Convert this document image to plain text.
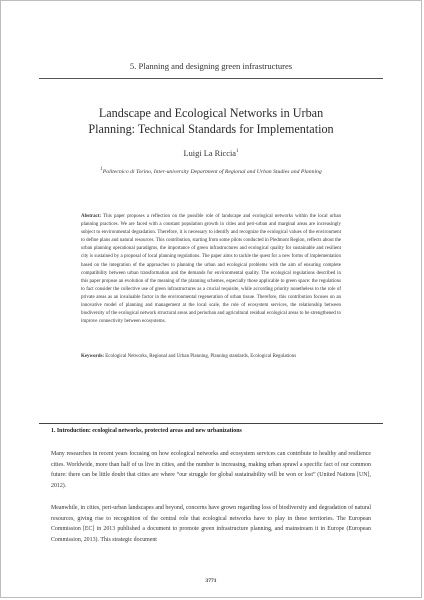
5. Planning and designing green infrastructures
Landscape and Ecological Networks in Urban
Planning: Technical Standards for Implementation
Luigi La Riccia$^1$
$^1$Politecnico di Torino, Inter-university Department of Regional and Urban Studies and Planning
Abstract: This paper proposes a reflection on the possible role of landscape and ecological networks within the local urban planning practices. We are faced with a constant population growth in cities and peri-urban and marginal areas are increasingly subject to environmental degradation. Therefore, it is necessary to identify and recognize the ecological values of the environment to define plans and natural resources. This contribution, starting from some pilots conducted in Piedmont Region, reflects about the urban planning operational paradigms, the importance of green infrastructures and ecological quality for sustainable and resilient city is sustained by a proposal of local planning regulations. The paper aims to tackle the quest for a new forms of implementation based on the integration of the approaches to planning the urban and ecological problems with the aim of ensuring complete compatibility between urban transformation and the demands for environmental quality. The ecological regulations described in this paper propose an evolution of the meaning of the planning schemes, especially those applicable to green space: the regulations to fact consider the collective use of green infrastructures as a crucial requisite, while according priority nonetheless to the role of private areas as an invaluable factor in the environmental regeneration of urban tissue. Therefore, this contribution focuses on an innovative model of planning and management at the local scale, the role of ecosystem services, the relationship between biodiversity of the ecological network structural areas and periurban and agricultural residual ecological areas to be strengthened to improve connectivity between ecosystems.
Keywords: Ecological Networks, Regional and Urban Planning, Planning standards, Ecological Regulations
1. Introduction: ecological networks, protected areas and new urbanizations
Many researches in recent years focusing on how ecological networks and ecosystem services can contribute to healthy and resilience cities. Worldwide, more than half of us live in cities, and the number is increasing, making urban sprawl a specific fact of our common future: there can be little doubt that cities are where “our struggle for global sustainability will be won or lost” (United Nations [UN], 2012).
Meanwhile, in cities, peri-urban landscapes and beyond, concerns have grown regarding loss of biodiversity and degradation of natural resources, giving rise to recognition of the central role that ecological networks have to play in these territories. The European Commission [EC] in 2013 published a document to promote green infrastructure planning, and mainstream it in Europe (European Commission, 2013). This strategic document
3771
